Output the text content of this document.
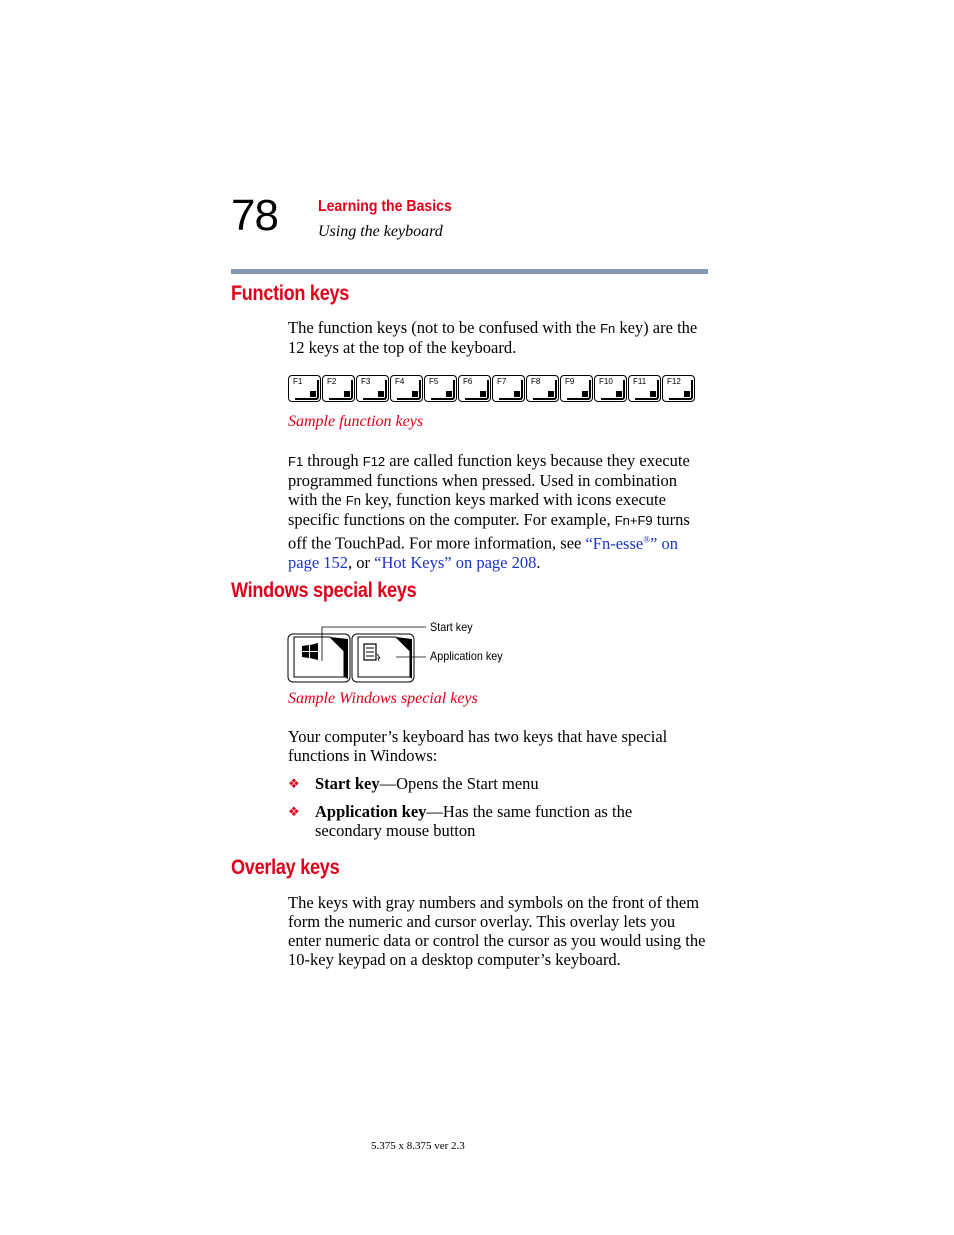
78	Learning the Basics
Using the keyboard
Function keys
The function keys (not to be confused with the Fn key) are the 12 keys at the top of the keyboard.
F1	F2	F3	F4	F5	F6	F7	F8	F9	F10	F11	F12
Sample function keys
F1 through F12 are called function keys because they execute programmed functions when pressed. Used in combination with the Fn key, function keys marked with icons execute specific functions on the computer. For example, Fn+F9 turns off the TouchPad. For more information, see “Fn-esse®” on page 152, or “Hot Keys” on page 208.
Windows special keys
Start key
Application key
Sample Windows special keys
Your computer’s keyboard has two keys that have special functions in Windows:
❖ Start key—Opens the Start menu
❖ Application key—Has the same function as the secondary mouse button
Overlay keys
The keys with gray numbers and symbols on the front of them form the numeric and cursor overlay. This overlay lets you enter numeric data or control the cursor as you would using the 10-key keypad on a desktop computer’s keyboard.
5.375 x 8.375 ver 2.3
